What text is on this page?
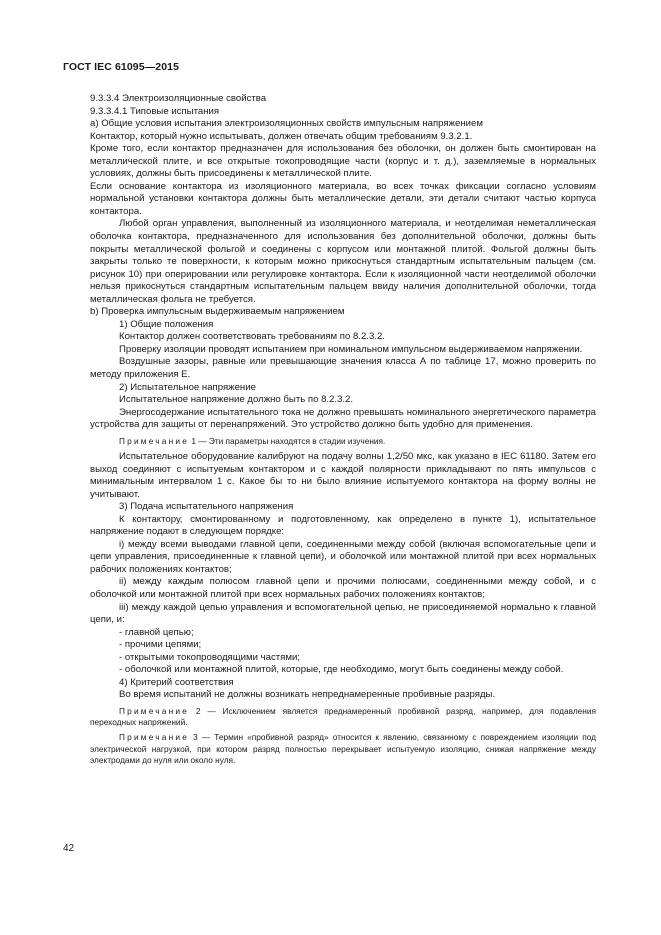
ГОСТ IEC 61095—2015

9.3.3.4 Электроизоляционные свойства

9.3.3.4.1 Типовые испытания

а) Общие условия испытания электроизоляционных свойств импульсным напряжением

Контактор, который нужно испытывать, должен отвечать общим требованиям 9.3.2.1.

Кроме того, если контактор предназначен для использования без оболочки, он должен быть смонтирован на металлической плите, и все открытые токопроводящие части (корпус и т. д.), заземляемые в нормальных условиях, должны быть присоединены к металлической плите.

Если основание контактора из изоляционного материала, во всех точках фиксации согласно условиям нормальной установки контактора должны быть металлические детали, эти детали считают частью корпуса контактора.

Любой орган управления, выполненный из изоляционного материала, и неотделимая неметаллическая оболочка контактора, предназначенного для использования без дополнительной оболочки, должны быть покрыты металлической фольгой и соединены с корпусом или монтажной плитой. Фольгой должны быть закрыты только те поверхности, к которым можно прикоснуться стандартным испытательным пальцем (см. рисунок 10) при оперировании или регулировке контактора. Если к изоляционной части неотделимой оболочки нельзя прикоснуться стандартным испытательным пальцем ввиду наличия дополнительной оболочки, тогда металлическая фольга не требуется.

b) Проверка импульсным выдерживаемым напряжением

1) Общие положения

Контактор должен соответствовать требованиям по 8.2.3.2.

Проверку изоляции проводят испытанием при номинальном импульсном выдерживаемом напряжении.

Воздушные зазоры, равные или превышающие значения класса А по таблице 17, можно проверить по методу приложения Е.

2) Испытательное напряжение

Испытательное напряжение должно быть по 8.2.3.2.

Энергосодержание испытательного тока не должно превышать номинального энергетического параметра устройства для защиты от перенапряжений. Это устройство должно быть удобно для применения.

Примечание 1 — Эти параметры находятся в стадии изучения.

Испытательное оборудование калибруют на подачу волны 1,2/50 мкс, как указано в IEC 61180. Затем его выход соединяют с испытуемым контактором и с каждой полярности прикладывают по пять импульсов с минимальным интервалом 1 с. Какое бы то ни было влияние испытуемого контактора на форму волны не учитывают.

3) Подача испытательного напряжения

К контактору, смонтированному и подготовленному, как определено в пункте 1), испытательное напряжение подают в следующем порядке:

i) между всеми выводами главной цепи, соединенными между собой (включая вспомогательные цепи и цепи управления, присоединенные к главной цепи), и оболочкой или монтажной плитой при всех нормальных рабочих положениях контактов;

ii) между каждым полюсом главной цепи и прочими полюсами, соединенными между собой, и с оболочкой или монтажной плитой при всех нормальных рабочих положениях контактов;

iii) между каждой цепью управления и вспомогательной цепью, не присоединяемой нормально к главной цепи, и:

- главной цепью;

- прочими цепями;

- открытыми токопроводящими частями;

- оболочкой или монтажной плитой, которые, где необходимо, могут быть соединены между собой.

4) Критерий соответствия

Во время испытаний не должны возникать непреднамеренные пробивные разряды.

Примечание 2 — Исключением является преднамеренный пробивной разряд, например, для подавления переходных напряжений.

Примечание 3 — Термин «пробивной разряд» относится к явлению, связанному с повреждением изоляции под электрической нагрузкой, при котором разряд полностью перекрывает испытуемую изоляцию, снижая напряжение между электродами до нуля или около нуля.

42
